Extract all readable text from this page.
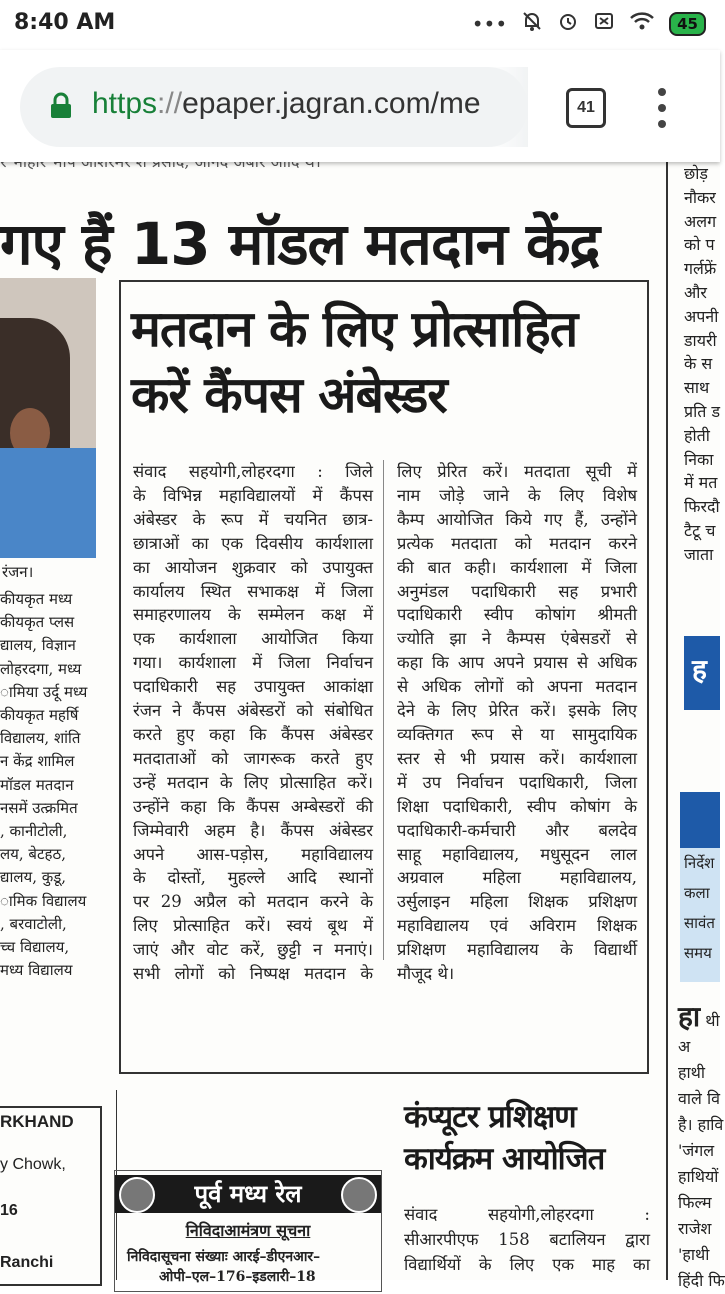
8:40 AM	•••	45
https://epaper.jagran.com/me	41
गए हैं 13 मॉडल मतदान केंद्र
रंजन।
कीयकृत मध्य
कीयकृत प्लस
द्यालय, विज्ञान
लोहरदगा, मध्य
ामिया उर्दू मध्य
कीयकृत महर्षि
विद्यालय, शांति
न केंद्र शामिल
मॉडल मतदान
नसमें उत्क्रमित
, कानीटोली,
लय, बेटहठ,
द्यालय, कुडू,
ामिक विद्यालय
, बरवाटोली,
च्च विद्यालय,
मध्य विद्यालय
मतदान के लिए प्रोत्साहित
करें कैंपस अंबेस्डर
संवाद सहयोगी,लोहरदगा : जिले
के विभिन्न महाविद्यालयों में कैंपस
अंबेस्डर के रूप में चयनित छात्र-
छात्राओं का एक दिवसीय कार्यशाला
का आयोजन शुक्रवार को उपायुक्त
कार्यालय स्थित सभाकक्ष में जिला
समाहरणालय के सम्मेलन कक्ष में
एक कार्यशाला आयोजित किया
गया। कार्यशाला में जिला निर्वाचन
पदाधिकारी सह उपायुक्त आकांक्षा
रंजन ने कैंपस अंबेस्डरों को संबोधित
करते हुए कहा कि कैंपस अंबेस्डर
मतदाताओं को जागरूक करते हुए
उन्हें मतदान के लिए प्रोत्साहित करें।
उन्होंने कहा कि कैंपस अम्बेस्डरों की
जिम्मेवारी अहम है। कैंपस अंबेस्डर
अपने आस-पड़ोस, महाविद्यालय
के दोस्तों, मुहल्ले आदि स्थानों
पर 29 अप्रैल को मतदान करने के
लिए प्रोत्साहित करें। स्वयं बूथ में
जाएं और वोट करें, छुट्टी न मनाएं।
सभी लोगों को निष्पक्ष मतदान के
लिए प्रेरित करें। मतदाता सूची में
नाम जोड़े जाने के लिए विशेष
कैम्प आयोजित किये गए हैं, उन्होंने
प्रत्येक मतदाता को मतदान करने
की बात कही। कार्यशाला में जिला
अनुमंडल पदाधिकारी सह प्रभारी
पदाधिकारी स्वीप कोषांग श्रीमती
ज्योति झा ने कैम्पस एंबेसडरों से
कहा कि आप अपने प्रयास से अधिक
से अधिक लोगों को अपना मतदान
देने के लिए प्रेरित करें। इसके लिए
व्यक्तिगत रूप से या सामुदायिक
स्तर से भी प्रयास करें। कार्यशाला
में उप निर्वाचन पदाधिकारी, जिला
शिक्षा पदाधिकारी, स्वीप कोषांग के
पदाधिकारी-कर्मचारी और बलदेव
साहू महाविद्यालय, मधुसूदन लाल
अग्रवाल महिला महाविद्यालय,
उर्सुलाइन महिला शिक्षक प्रशिक्षण
महाविद्यालय एवं अविराम शिक्षक
प्रशिक्षण महाविद्यालय के विद्यार्थी
मौजूद थे।
छोड़
नौकर
अलग
को प
गर्लफ्रें
और
अपनी
डायरी
के स
साथ
प्रति ड
होती
निका
में मत
फिरदौ
टैटू च
जाता
ह
निर्देश
कला
सावंत
समय
हा थी
अ
हाथी
वाले वि
है। हावि
'जंगल
हाथियों
फिल्म
राजेश
'हाथी
हिंदी फि
RKHAND
y Chowk,
16
Ranchi
पूर्व मध्य रेल
निविदाआमंत्रण सूचना
निविदासूचना संख्याः आरई–डीएनआर–
ओपी–एल–176–इडलारी–18
कंप्यूटर प्रशिक्षण
कार्यक्रम आयोजित
संवाद सहयोगी,लोहरदगा :
सीआरपीएफ 158 बटालियन द्वारा
विद्यार्थियों के लिए एक माह का
